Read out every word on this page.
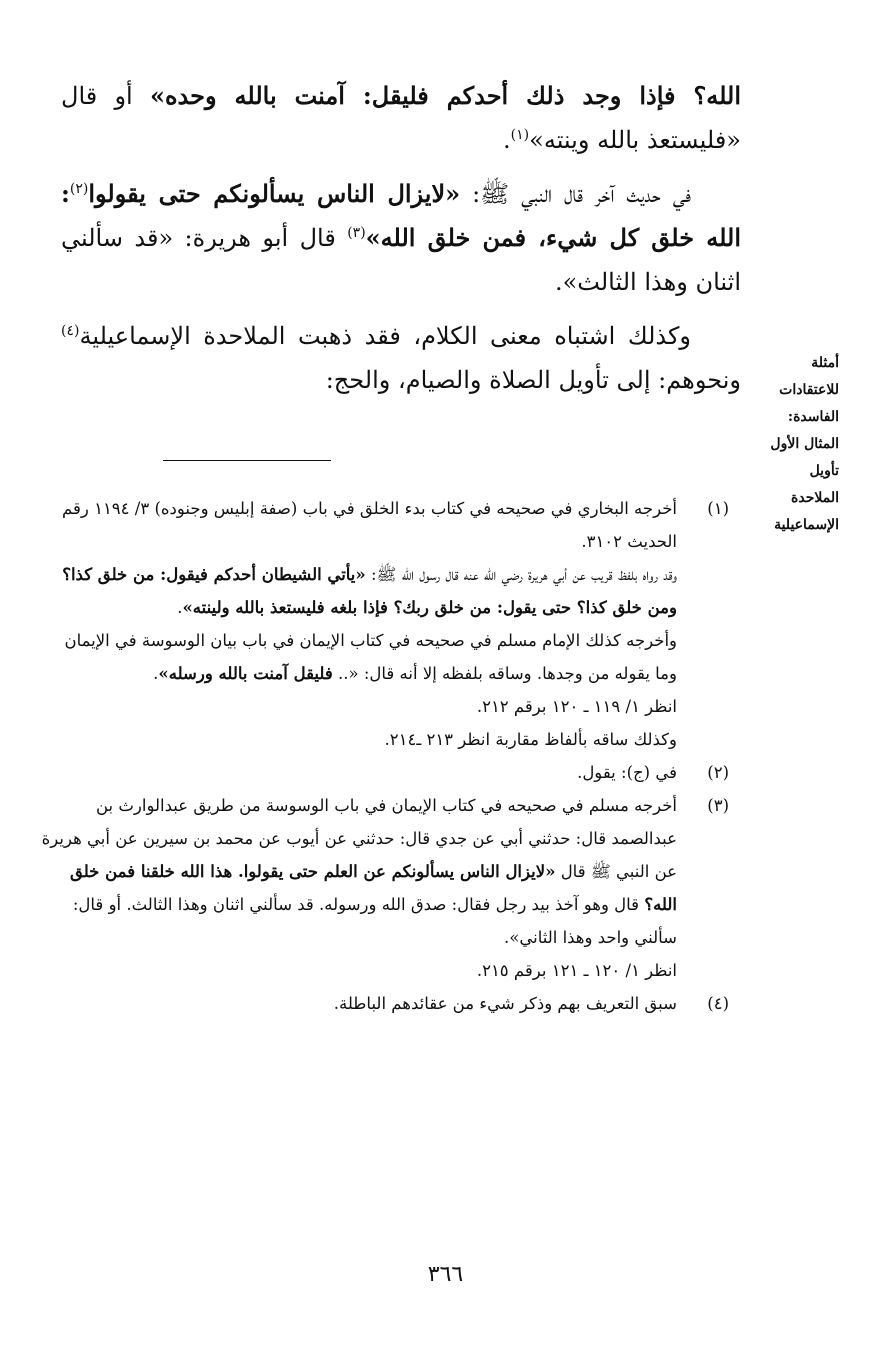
الله؟ فإذا وجد ذلك أحدكم فليقل: آمنت بالله وحده» أو قال «فليستعذ بالله وينته»$^{(١)}$.

في حديث آخر قال النبي ﷺ: «لايزال الناس يسألونكم حتى يقولوا$^{(٢)}$: الله خلق كل شيء، فمن خلق الله»$^{(٣)}$ قال أبو هريرة: «قد سألني اثنان وهذا الثالث».

وكذلك اشتباه معنى الكلام، فقد ذهبت الملاحدة الإسماعيلية$^{(٤)}$ ونحوهم: إلى تأويل الصلاة والصيام، والحج:

أمثلة
للاعتقادات
الفاسدة:
المثال الأول
تأويل
الملاحدة
الإسماعيلية
(١)

أخرجه البخاري في صحيحه في كتاب بدء الخلق في باب (صفة إبليس وجنوده) ٣/ ١١٩٤ رقم الحديث ٣١٠٢.

وقد رواه بلفظ قريب عن أبي هريرة رضي الله عنه قال رسول الله ﷺ: «يأتي الشيطان أحدكم فيقول: من خلق كذا؟ ومن خلق كذا؟ حتى يقول: من خلق ربك؟ فإذا بلغه فليستعذ بالله ولينته».

وأخرجه كذلك الإمام مسلم في صحيحه في كتاب الإيمان في باب بيان الوسوسة في الإيمان وما يقوله من وجدها. وساقه بلفظه إلا أنه قال: «.. فليقل آمنت بالله ورسله».

انظر ١/ ١١٩ ـ ١٢٠ برقم ٢١٢.

وكذلك ساقه بألفاظ مقاربة انظر ٢١٣ ـ٢١٤.

(٢)

في (ج): يقول.

(٣)

أخرجه مسلم في صحيحه في كتاب الإيمان في باب الوسوسة من طريق عبدالوارث بن عبدالصمد قال: حدثني أبي عن جدي قال: حدثني عن أيوب عن محمد بن سيرين عن أبي هريرة عن النبي ﷺ قال «لايزال الناس يسألونكم عن العلم حتى يقولوا. هذا الله خلقنا فمن خلق الله؟ قال وهو آخذ بيد رجل فقال: صدق الله ورسوله. قد سألني اثنان وهذا الثالث. أو قال: سألني واحد وهذا الثاني».

انظر ١/ ١٢٠ ـ ١٢١ برقم ٢١٥.

(٤)

سبق التعريف بهم وذكر شيء من عقائدهم الباطلة.

٣٦٦
